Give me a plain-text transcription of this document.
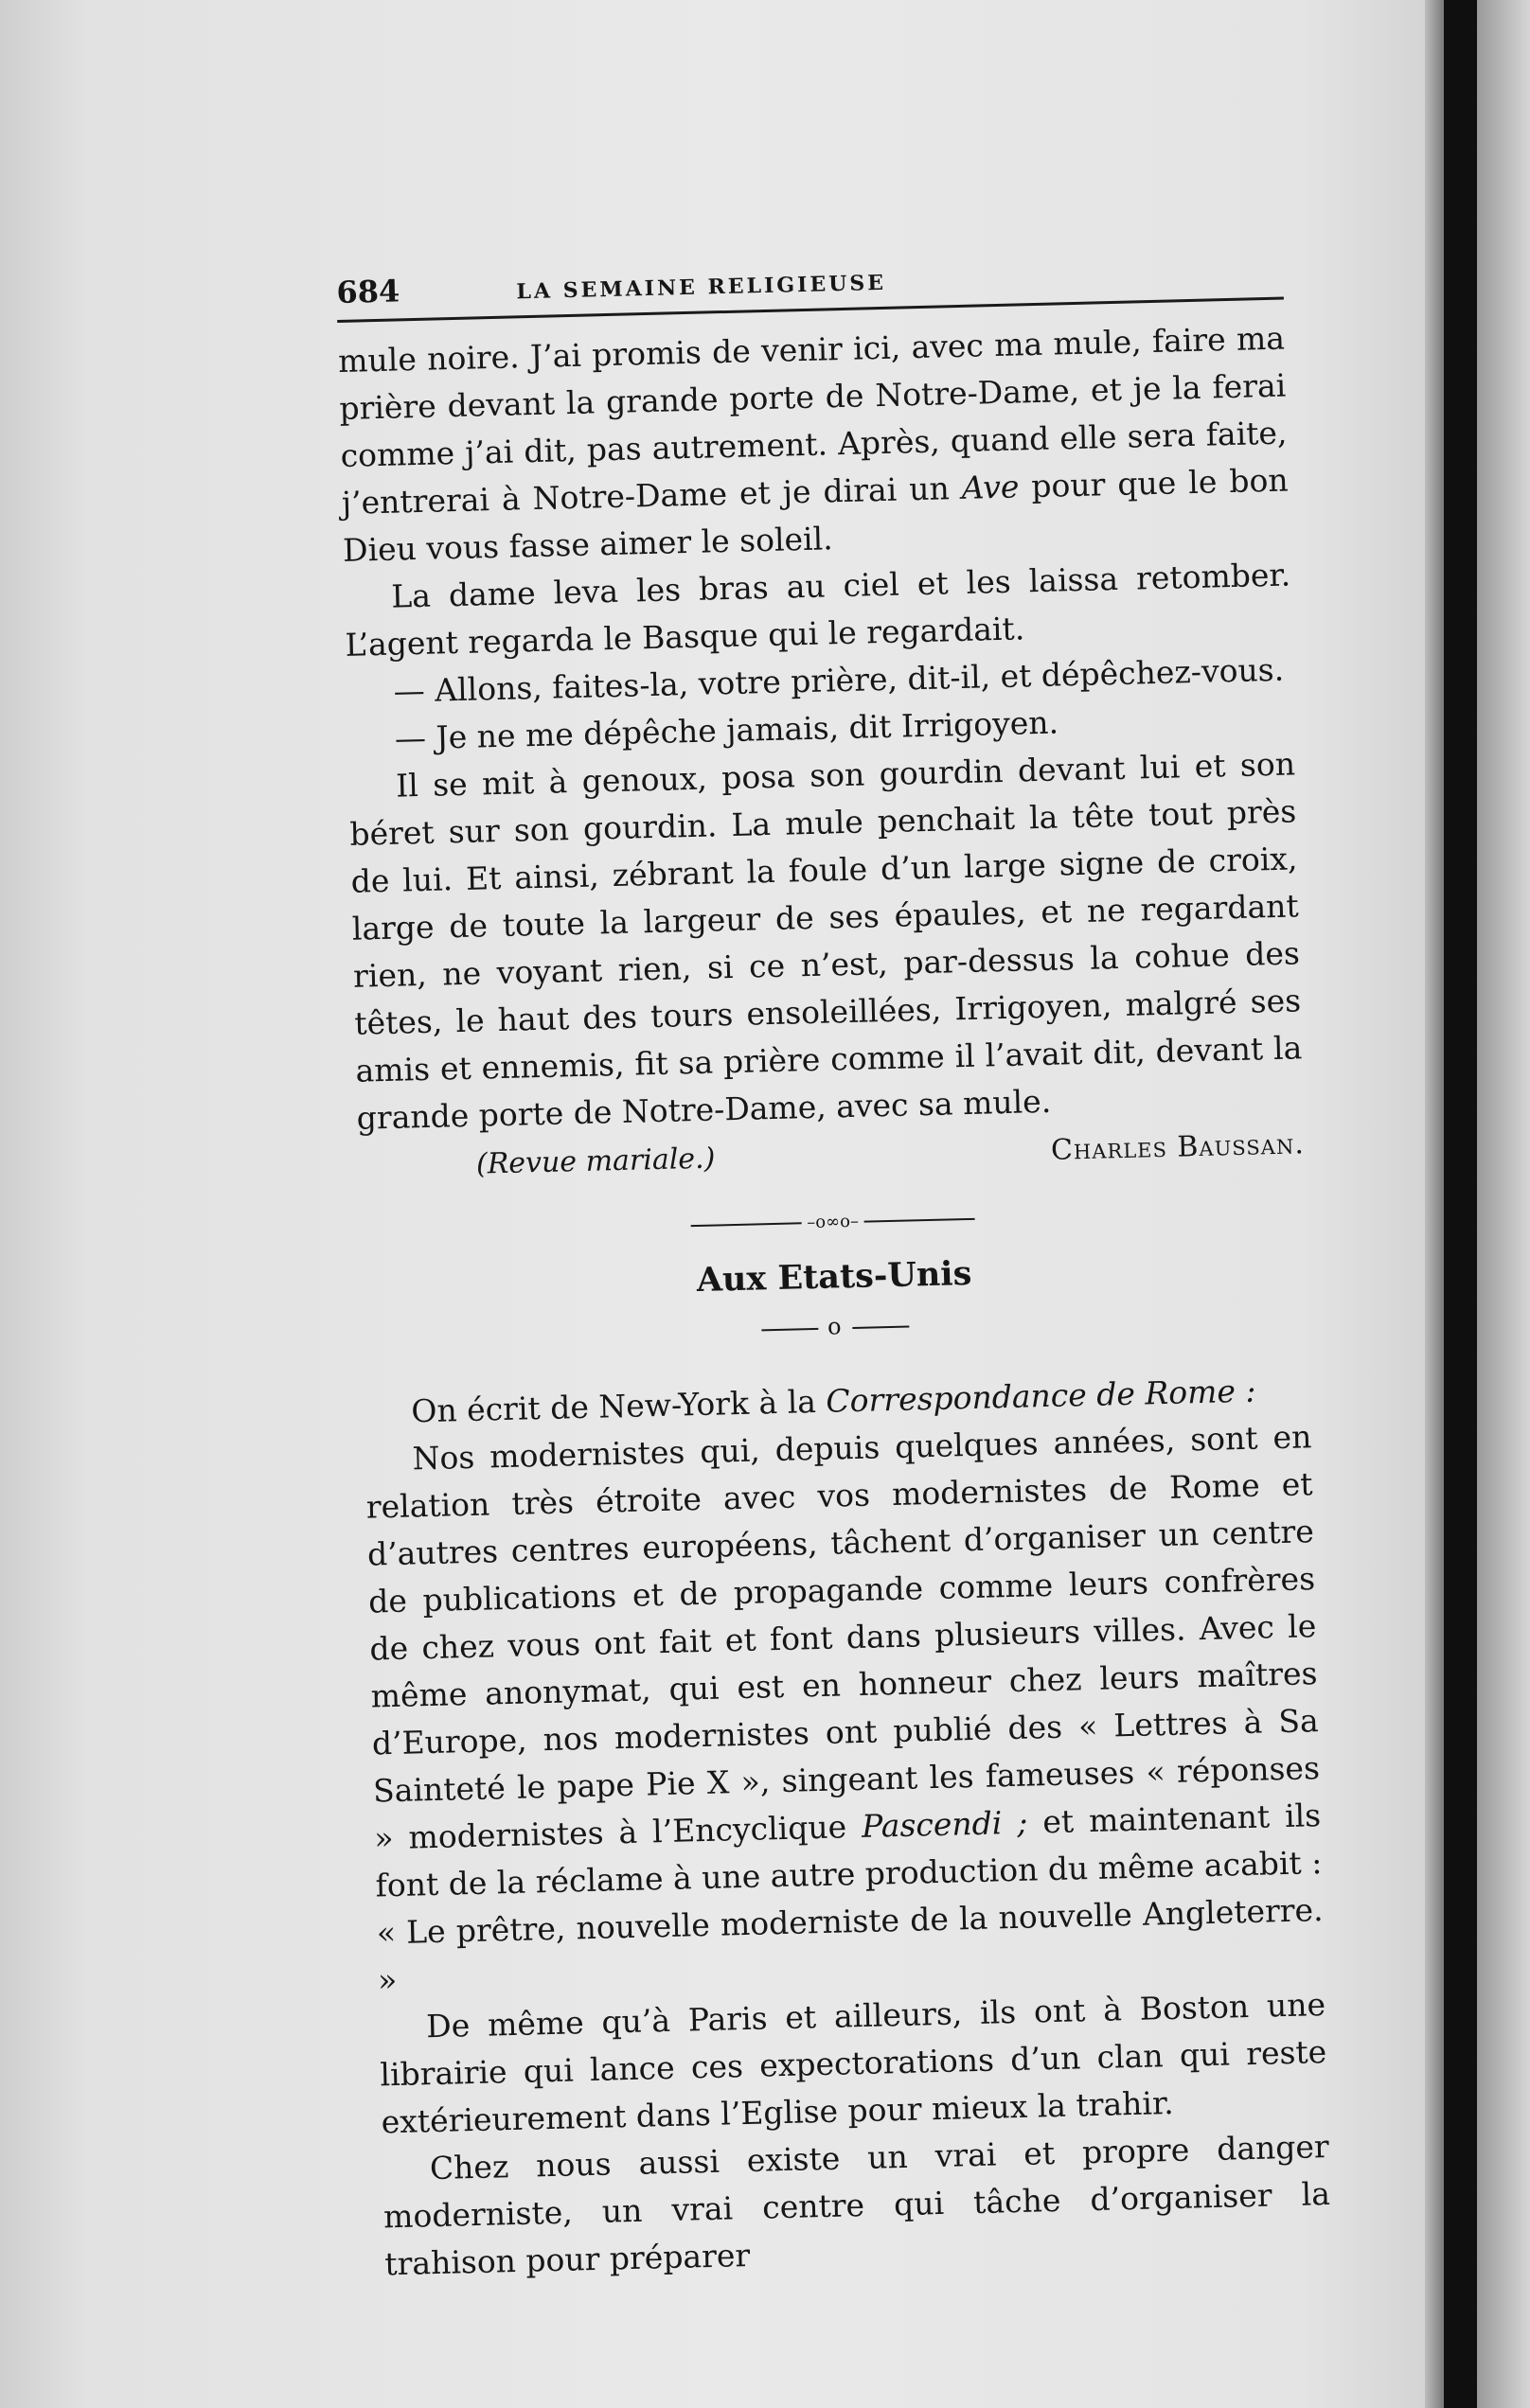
684	LA SEMAINE RELIGIEUSE

mule noire. J’ai promis de venir ici, avec ma mule, faire ma prière devant la grande porte de Notre-Dame, et je la ferai comme j’ai dit, pas autrement. Après, quand elle sera faite, j’entrerai à Notre-Dame et je dirai un Ave pour que le bon Dieu vous fasse aimer le soleil.

La dame leva les bras au ciel et les laissa retomber. L’agent regarda le Basque qui le regardait.

— Allons, faites-la, votre prière, dit-il, et dépêchez-vous.

— Je ne me dépêche jamais, dit Irrigoyen.

Il se mit à genoux, posa son gourdin devant lui et son béret sur son gourdin. La mule penchait la tête tout près de lui. Et ainsi, zébrant la foule d’un large signe de croix, large de toute la largeur de ses épaules, et ne regardant rien, ne voyant rien, si ce n’est, par-dessus la cohue des têtes, le haut des tours ensoleillées, Irrigoyen, malgré ses amis et ennemis, fit sa prière comme il l’avait dit, devant la grande porte de Notre-Dame, avec sa mule.

(Revue mariale.)	Charles Baussan.
–o∞o–
Aux Etats-Unis
o

On écrit de New-York à la Correspondance de Rome :

Nos modernistes qui, depuis quelques années, sont en relation très étroite avec vos modernistes de Rome et d’autres centres européens, tâchent d’organiser un centre de publications et de propagande comme leurs confrères de chez vous ont fait et font dans plusieurs villes. Avec le même anonymat, qui est en honneur chez leurs maîtres d’Europe, nos modernistes ont publié des « Lettres à Sa Sainteté le pape Pie X », singeant les fameuses « réponses » modernistes à l’Encyclique Pascendi ; et maintenant ils font de la réclame à une autre production du même acabit : « Le prêtre, nouvelle moderniste de la nouvelle Angleterre. »

De même qu’à Paris et ailleurs, ils ont à Boston une librairie qui lance ces expectorations d’un clan qui reste extérieurement dans l’Eglise pour mieux la trahir.

Chez nous aussi existe un vrai et propre danger moderniste, un vrai centre qui tâche d’organiser la trahison pour préparer
